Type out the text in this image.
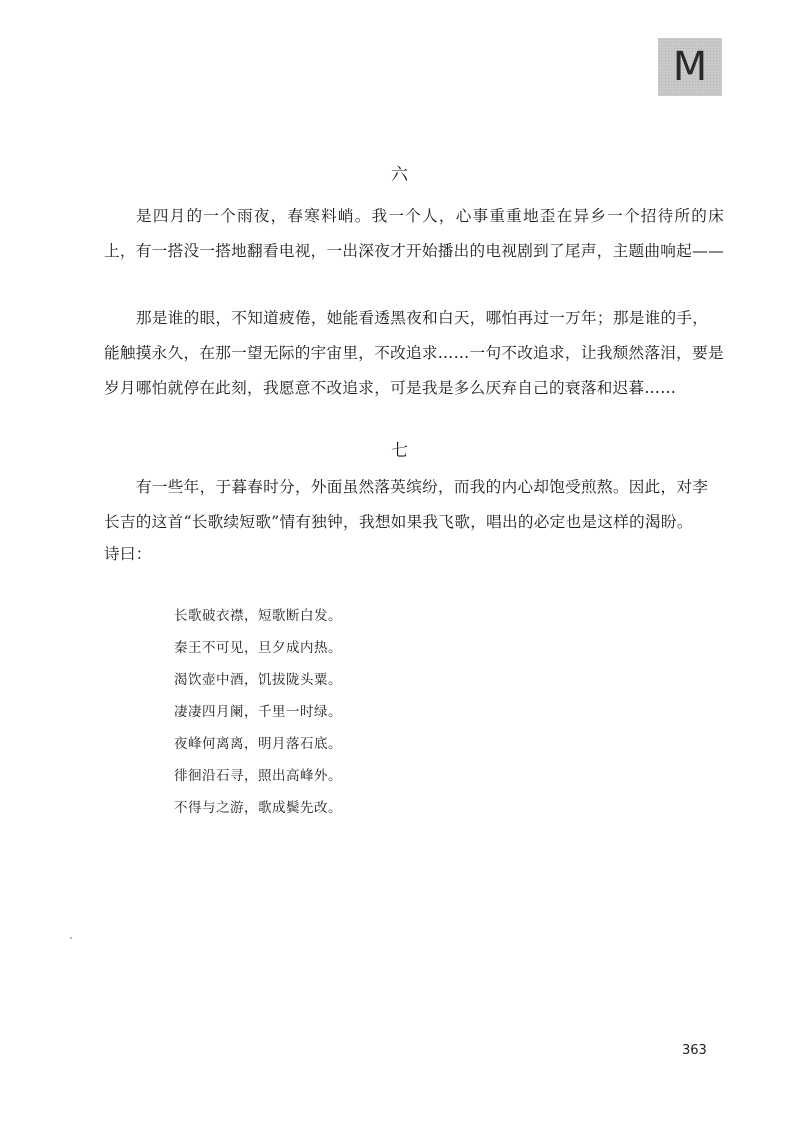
M
六

是四月的一个雨夜，春寒料峭。我一个人，心事重重地歪在异乡一个招待所的床上，有一搭没一搭地翻看电视，一出深夜才开始播出的电视剧到了尾声，主题曲响起——

那是谁的眼，不知道疲倦，她能看透黑夜和白天，哪怕再过一万年；那是谁的手，能触摸永久，在那一望无际的宇宙里，不改追求……一句不改追求，让我颓然落泪，要是岁月哪怕就停在此刻，我愿意不改追求，可是我是多么厌弃自己的衰落和迟暮……

七

有一些年，于暮春时分，外面虽然落英缤纷，而我的内心却饱受煎熬。因此，对李长吉的这首“长歌续短歌”情有独钟，我想如果我飞歌，唱出的必定也是这样的渴盼。

诗曰：

长歌破衣襟，短歌断白发。
秦王不可见，旦夕成内热。
渴饮壶中酒，饥拔陇头粟。
凄凄四月阑，千里一时绿。
夜峰何离离，明月落石底。
徘徊沿石寻，照出高峰外。
不得与之游，歌成鬓先改。
363
